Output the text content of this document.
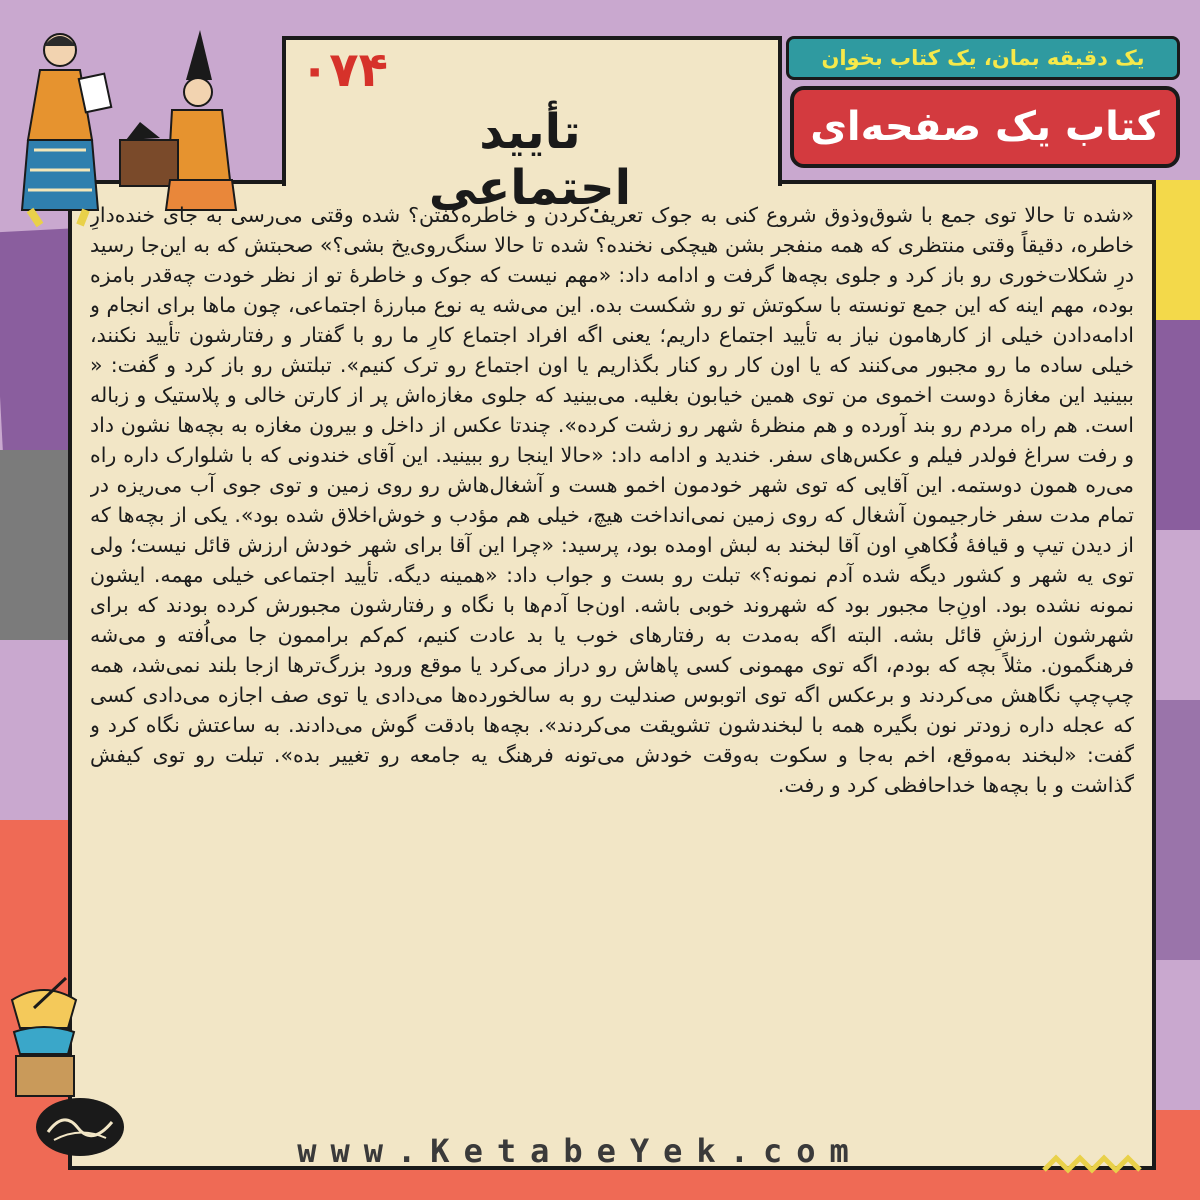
۰۷۴
تأیید اجتماعی
یک دقیقه بمان، یک کتاب بخوان
کتاب یک صفحه‌ای

«شده تا حالا توی جمع با شوق‌وذوق شروع کنی به جوک تعریف‌کردن و خاطره‌گفتن؟ شده وقتی می‌رسی به جای خنده‌دارِ خاطره، دقیقاً وقتی منتظری که همه منفجر بشن هیچکی نخنده؟ شده تا حالا سنگ‌روی‌یخ بشی؟» صحبتش که به این‌جا رسید درِ شکلات‌خوری رو باز کرد و جلوی بچه‌ها گرفت و ادامه داد: «مهم نیست که جوک و خاطرهٔ تو از نظر خودت چه‌قدر بامزه بوده، مهم اینه که این جمع تونسته با سکوتش تو رو شکست بده. این می‌شه یه نوع مبارزهٔ اجتماعی، چون ماها برای انجام و ادامه‌دادن خیلی از کارهامون نیاز به تأیید اجتماع داریم؛ یعنی اگه افراد اجتماع کارِ ما رو با گفتار و رفتارشون تأیید نکنند، خیلی ساده ما رو مجبور می‌کنند که یا اون کار رو کنار بگذاریم یا اون اجتماع رو ترک کنیم». تبلتش رو باز کرد و گفت: « ببینید این مغازهٔ دوست اخموی من توی همین خیابون بغلیه. می‌بینید که جلوی مغازه‌اش پر از کارتن خالی و پلاستیک و زباله است. هم راه مردم رو بند آورده و هم منظرهٔ شهر رو زشت کرده». چندتا عکس از داخل و بیرون مغازه به بچه‌ها نشون داد و رفت سراغ فولدر فیلم و عکس‌های سفر. خندید و ادامه داد: «حالا اینجا رو ببینید. این آقای خندونی که با شلوارک داره راه می‌ره همون دوستمه. این آقایی که توی شهر خودمون اخمو هست و آشغال‌هاش رو روی زمین و توی جوی آب می‌ریزه در تمام مدت سفر خارجیمون آشغال که روی زمین نمی‌انداخت هیچ، خیلی هم مؤدب و خوش‌اخلاق شده بود». یکی از بچه‌ها که از دیدن تیپ و قیافهٔ فُکاهیِ اون آقا لبخند به لبش اومده بود، پرسید: «چرا این آقا برای شهر خودش ارزش قائل نیست؛ ولی توی یه شهر و کشور دیگه شده آدم نمونه؟» تبلت رو بست و جواب داد: «همینه دیگه. تأیید اجتماعی خیلی مهمه. ایشون نمونه نشده بود. اونِ‌جا مجبور بود که شهروند خوبی باشه. اون‌جا آدم‌ها با نگاه و رفتارشون مجبورش کرده بودند که برای شهرشون ارزشِ قائل بشه. البته اگه به‌مدت به رفتارهای خوب یا بد عادت کنیم، کم‌کم براممون جا می‌اُفته و می‌شه فرهنگمون. مثلاً بچه که بودم، اگه توی مهمونی کسی پاهاش رو دراز می‌کرد یا موقع ورود بزرگ‌ترها ازجا بلند نمی‌شد، همه چپ‌چپ نگاهش می‌کردند و برعکس اگه توی اتوبوس صندلیت رو به سالخورده‌ها می‌دادی یا توی صف اجازه می‌دادی کسی که عجله داره زودتر نون بگیره همه با لبخندشون تشویقت می‌کردند». بچه‌ها بادقت گوش می‌دادند. به ساعتش نگاه کرد و گفت: «لبخند به‌موقع، اخم به‌جا و سکوت به‌وقت خودش می‌تونه فرهنگ یه جامعه رو تغییر بده». تبلت رو توی کیفش گذاشت و با بچه‌ها خداحافظی کرد و رفت.

www.KetabeYek.com
